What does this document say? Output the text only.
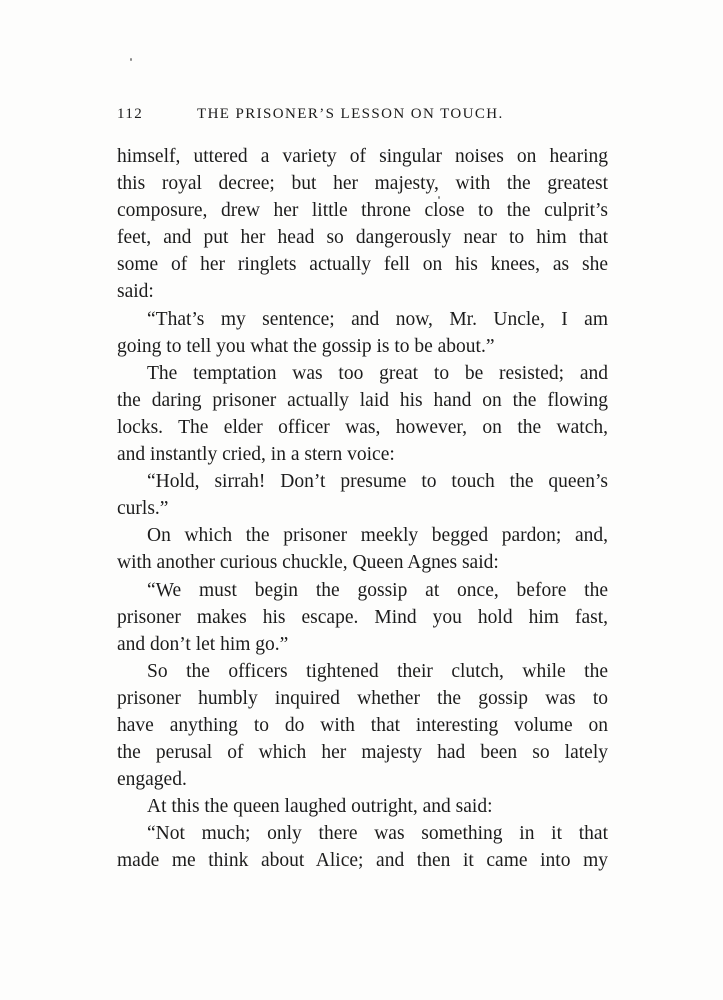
112	THE PRISONER’S LESSON ON TOUCH.
himself, uttered a variety of singular noises on hearing
this royal decree; but her majesty, with the greatest
composure, drew her little throne close to the culprit’s
feet, and put her head so dangerously near to him that
some of her ringlets actually fell on his knees, as she
said:
“That’s my sentence; and now, Mr. Uncle, I am
going to tell you what the gossip is to be about.”
The temptation was too great to be resisted; and
the daring prisoner actually laid his hand on the flowing
locks. The elder officer was, however, on the watch,
and instantly cried, in a stern voice:
“Hold, sirrah! Don’t presume to touch the queen’s
curls.”
On which the prisoner meekly begged pardon; and,
with another curious chuckle, Queen Agnes said:
“We must begin the gossip at once, before the
prisoner makes his escape. Mind you hold him fast,
and don’t let him go.”
So the officers tightened their clutch, while the
prisoner humbly inquired whether the gossip was to
have anything to do with that interesting volume on
the perusal of which her majesty had been so lately
engaged.
At this the queen laughed outright, and said:
“Not much; only there was something in it that
made me think about Alice; and then it came into my
